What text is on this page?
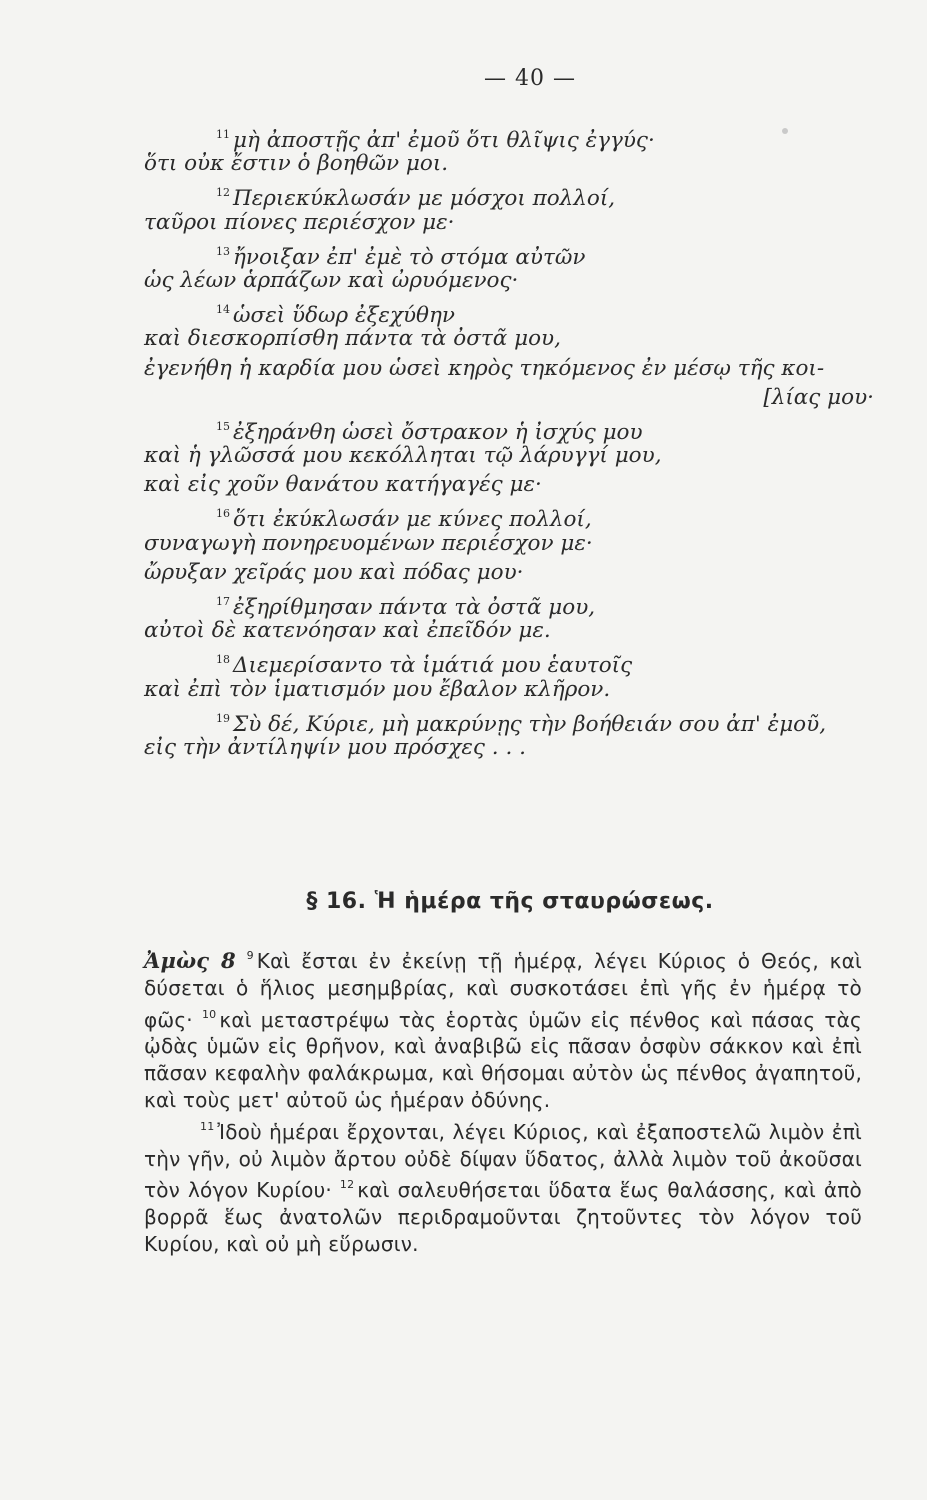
— 40 —
$^{11}$ μὴ ἀποστῇς ἀπ' ἐμοῦ ὅτι θλῖψις ἐγγύς·
ὅτι οὐκ ἔστιν ὁ βοηθῶν μοι.
$^{12}$ Περιεκύκλωσάν με μόσχοι πολλοί,
ταῦροι πίονες περιέσχον με·
$^{13}$ ἤνοιξαν ἐπ' ἐμὲ τὸ στόμα αὐτῶν
ὡς λέων ἁρπάζων καὶ ὠρυόμενος·
$^{14}$ ὡσεὶ ὕδωρ ἐξεχύθην
καὶ διεσκορπίσθη πάντα τὰ ὀστᾶ μου,
ἐγενήθη ἡ καρδία μου ὡσεὶ κηρὸς τηκόμενος ἐν μέσῳ τῆς κοι-
[λίας μου·
$^{15}$ ἐξηράνθη ὡσεὶ ὄστρακον ἡ ἰσχύς μου
καὶ ἡ γλῶσσά μου κεκόλληται τῷ λάρυγγί μου,
καὶ εἰς χοῦν θανάτου κατήγαγές με·
$^{16}$ ὅτι ἐκύκλωσάν με κύνες πολλοί,
συναγωγὴ πονηρευομένων περιέσχον με·
ὤρυξαν χεῖράς μου καὶ πόδας μου·
$^{17}$ ἐξηρίθμησαν πάντα τὰ ὀστᾶ μου,
αὐτοὶ δὲ κατενόησαν καὶ ἐπεῖδόν με.
$^{18}$ Διεμερίσαντο τὰ ἱμάτιά μου ἑαυτοῖς
καὶ ἐπὶ τὸν ἱματισμόν μου ἔβαλον κλῆρον.
$^{19}$ Σὺ δέ, Κύριε, μὴ μακρύνῃς τὴν βοήθειάν σου ἀπ' ἐμοῦ,
εἰς τὴν ἀντίληψίν μου πρόσχες . . .
§ 16. Ἡ ἡμέρα τῆς σταυρώσεως.

Ἀμὼς 8 $^9$ Καὶ ἔσται ἐν ἐκείνῃ τῇ ἡμέρᾳ, λέγει Κύριος ὁ Θεός, καὶ δύσεται ὁ ἥλιος μεσημβρίας, καὶ συσκοτάσει ἐπὶ γῆς ἐν ἡμέρᾳ τὸ φῶς· $^{10}$ καὶ μεταστρέψω τὰς ἑορτὰς ὑμῶν εἰς πένθος καὶ πάσας τὰς ᾠδὰς ὑμῶν εἰς θρῆνον, καὶ ἀναβιβῶ εἰς πᾶσαν ὀσφὺν σάκκον καὶ ἐπὶ πᾶσαν κεφαλὴν φαλάκρωμα, καὶ θήσομαι αὐτὸν ὡς πένθος ἀγαπητοῦ, καὶ τοὺς μετ' αὐτοῦ ὡς ἡμέραν ὀδύνης.

$^{11}$ Ἰδοὺ ἡμέραι ἔρχονται, λέγει Κύριος, καὶ ἐξαποστελῶ λιμὸν ἐπὶ τὴν γῆν, οὐ λιμὸν ἄρτου οὐδὲ δίψαν ὕδατος, ἀλλὰ λιμὸν τοῦ ἀκοῦσαι τὸν λόγον Κυρίου· $^{12}$ καὶ σαλευθήσεται ὕδατα ἕως θαλάσσης, καὶ ἀπὸ βορρᾶ ἕως ἀνατολῶν περιδραμοῦνται ζητοῦντες τὸν λόγον τοῦ Κυρίου, καὶ οὐ μὴ εὕρωσιν.
